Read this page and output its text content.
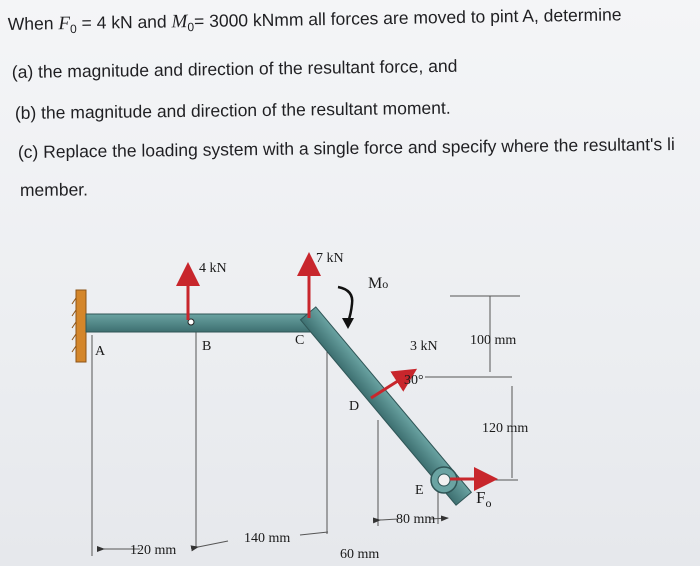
When $F_0 = 4$ kN and $M_0= 3000$ kNmm all forces are moved to pint A, determine
(a) the magnitude and direction of the resultant force, and
(b) the magnitude and direction of the resultant moment.
(c) Replace the loading system with a single force and specify where the resultant's li
member.
A	B	C
D
E
4 kN
7 kN
3 kN
30°
$F_o$
Mo
120 mm
140 mm
60 mm
80 mm
100 mm
120 mm
